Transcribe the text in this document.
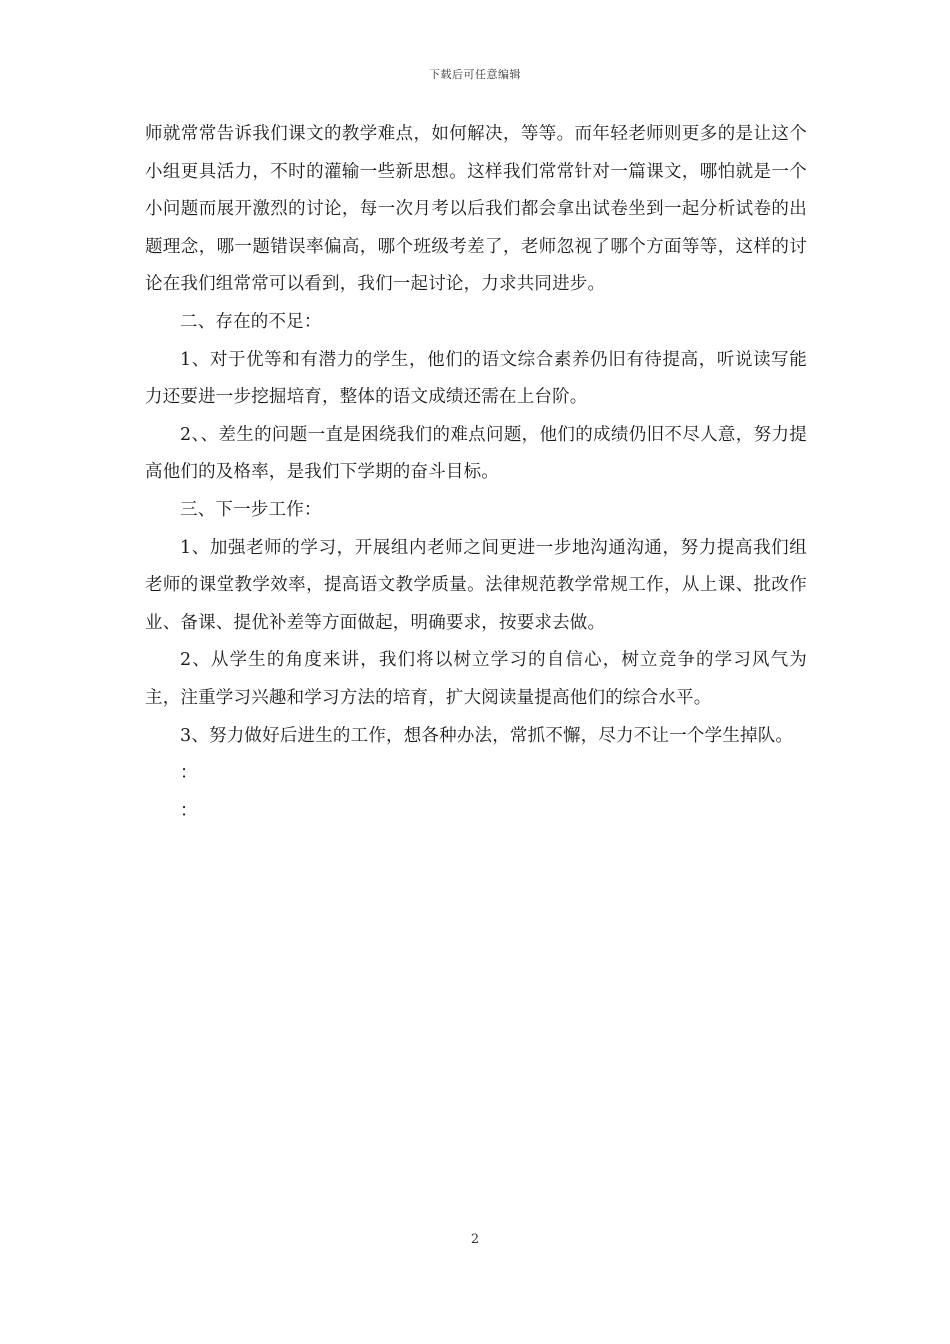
下载后可任意编辑

师就常常告诉我们课文的教学难点，如何解决，等等。而年轻老师则更多的是让这个小组更具活力，不时的灌输一些新思想。这样我们常常针对一篇课文，哪怕就是一个小问题而展开激烈的讨论，每一次月考以后我们都会拿出试卷坐到一起分析试卷的出题理念，哪一题错误率偏高，哪个班级考差了，老师忽视了哪个方面等等，这样的讨论在我们组常常可以看到，我们一起讨论，力求共同进步。

二、存在的不足：

1、对于优等和有潜力的学生，他们的语文综合素养仍旧有待提高，听说读写能力还要进一步挖掘培育，整体的语文成绩还需在上台阶。

2、、差生的问题一直是困绕我们的难点问题，他们的成绩仍旧不尽人意，努力提高他们的及格率，是我们下学期的奋斗目标。

三、下一步工作：

1、加强老师的学习，开展组内老师之间更进一步地沟通沟通，努力提高我们组老师的课堂教学效率，提高语文教学质量。法律规范教学常规工作，从上课、批改作业、备课、提优补差等方面做起，明确要求，按要求去做。

2、从学生的角度来讲，我们将以树立学习的自信心，树立竞争的学习风气为主，注重学习兴趣和学习方法的培育，扩大阅读量提高他们的综合水平。

3、努力做好后进生的工作，想各种办法，常抓不懈，尽力不让一个学生掉队。

：

：

2
